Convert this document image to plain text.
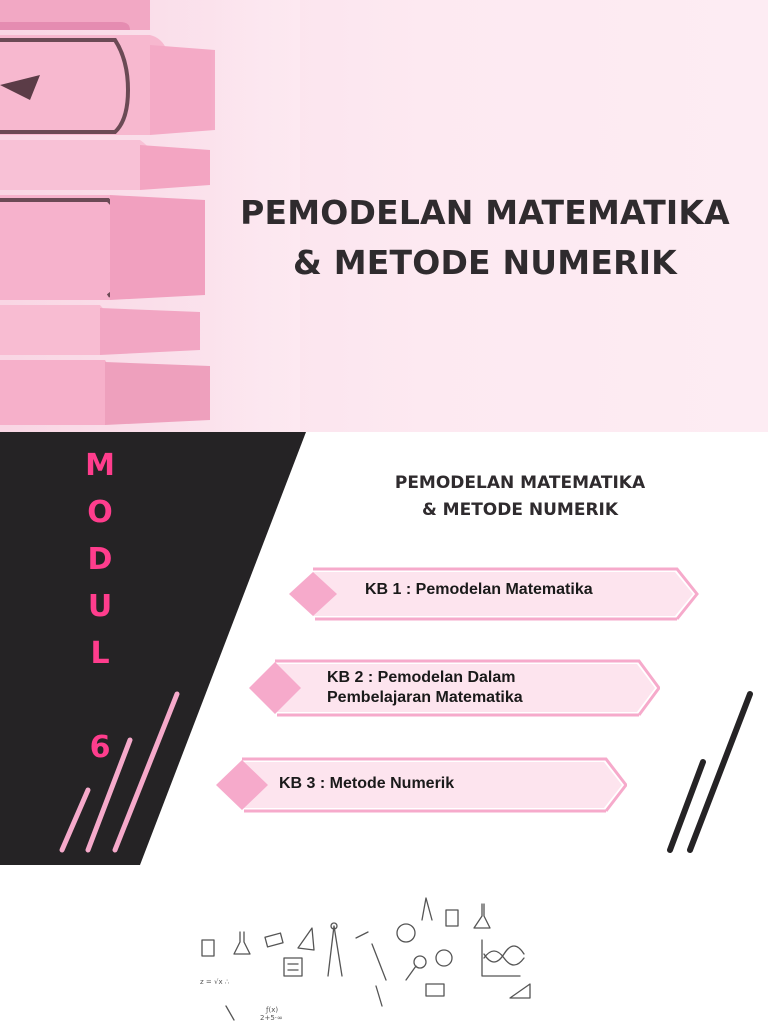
PEMODELAN MATEMATIKA
& METODE NUMERIK
M
O
D
U
L
6
PEMODELAN MATEMATIKA
& METODE NUMERIK
KB 1 : Pemodelan Matematika
KB 2 : Pemodelan Dalam
Pembelajaran Matematika
KB 3 : Metode Numerik
z = √x ∴
2+5·∞
ƒ(x)
